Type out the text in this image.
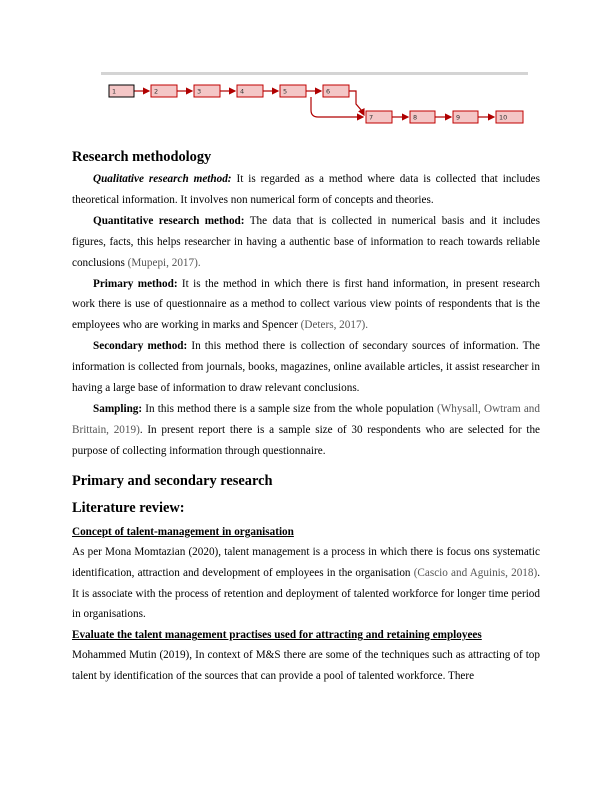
1	2	3	4	5	6
7	8	9	10
Research methodology

Qualitative research method: It is regarded as a method where data is collected that includes theoretical information. It involves non numerical form of concepts and theories.

Quantitative research method: The data that is collected in numerical basis and it includes figures, facts, this helps researcher in having a authentic base of information to reach towards reliable conclusions (Mupepi, 2017).

Primary method: It is the method in which there is first hand information, in present research work there is use of questionnaire as a method to collect various view points of respondents that is the employees who are working in marks and Spencer (Deters, 2017).

Secondary method: In this method there is collection of secondary sources of information. The information is collected from journals, books, magazines, online available articles, it assist researcher in having a large base of information to draw relevant conclusions.

Sampling: In this method there is a sample size from the whole population (Whysall, Owtram and Brittain, 2019). In present report there is a sample size of 30 respondents who are selected for the purpose of collecting information through questionnaire.

Primary and secondary research
Literature review:
Concept of talent-management in organisation

As per Mona Momtazian (2020), talent management is a process in which there is focus ons systematic identification, attraction and development of employees in the organisation (Cascio and Aguinis, 2018). It is associate with the process of retention and deployment of talented workforce for longer time period in organisations.

Evaluate the talent management practises used for attracting and retaining employees

Mohammed Mutin (2019), In context of M&S there are some of the techniques such as attracting of top talent by identification of the sources that can provide a pool of talented workforce. There
